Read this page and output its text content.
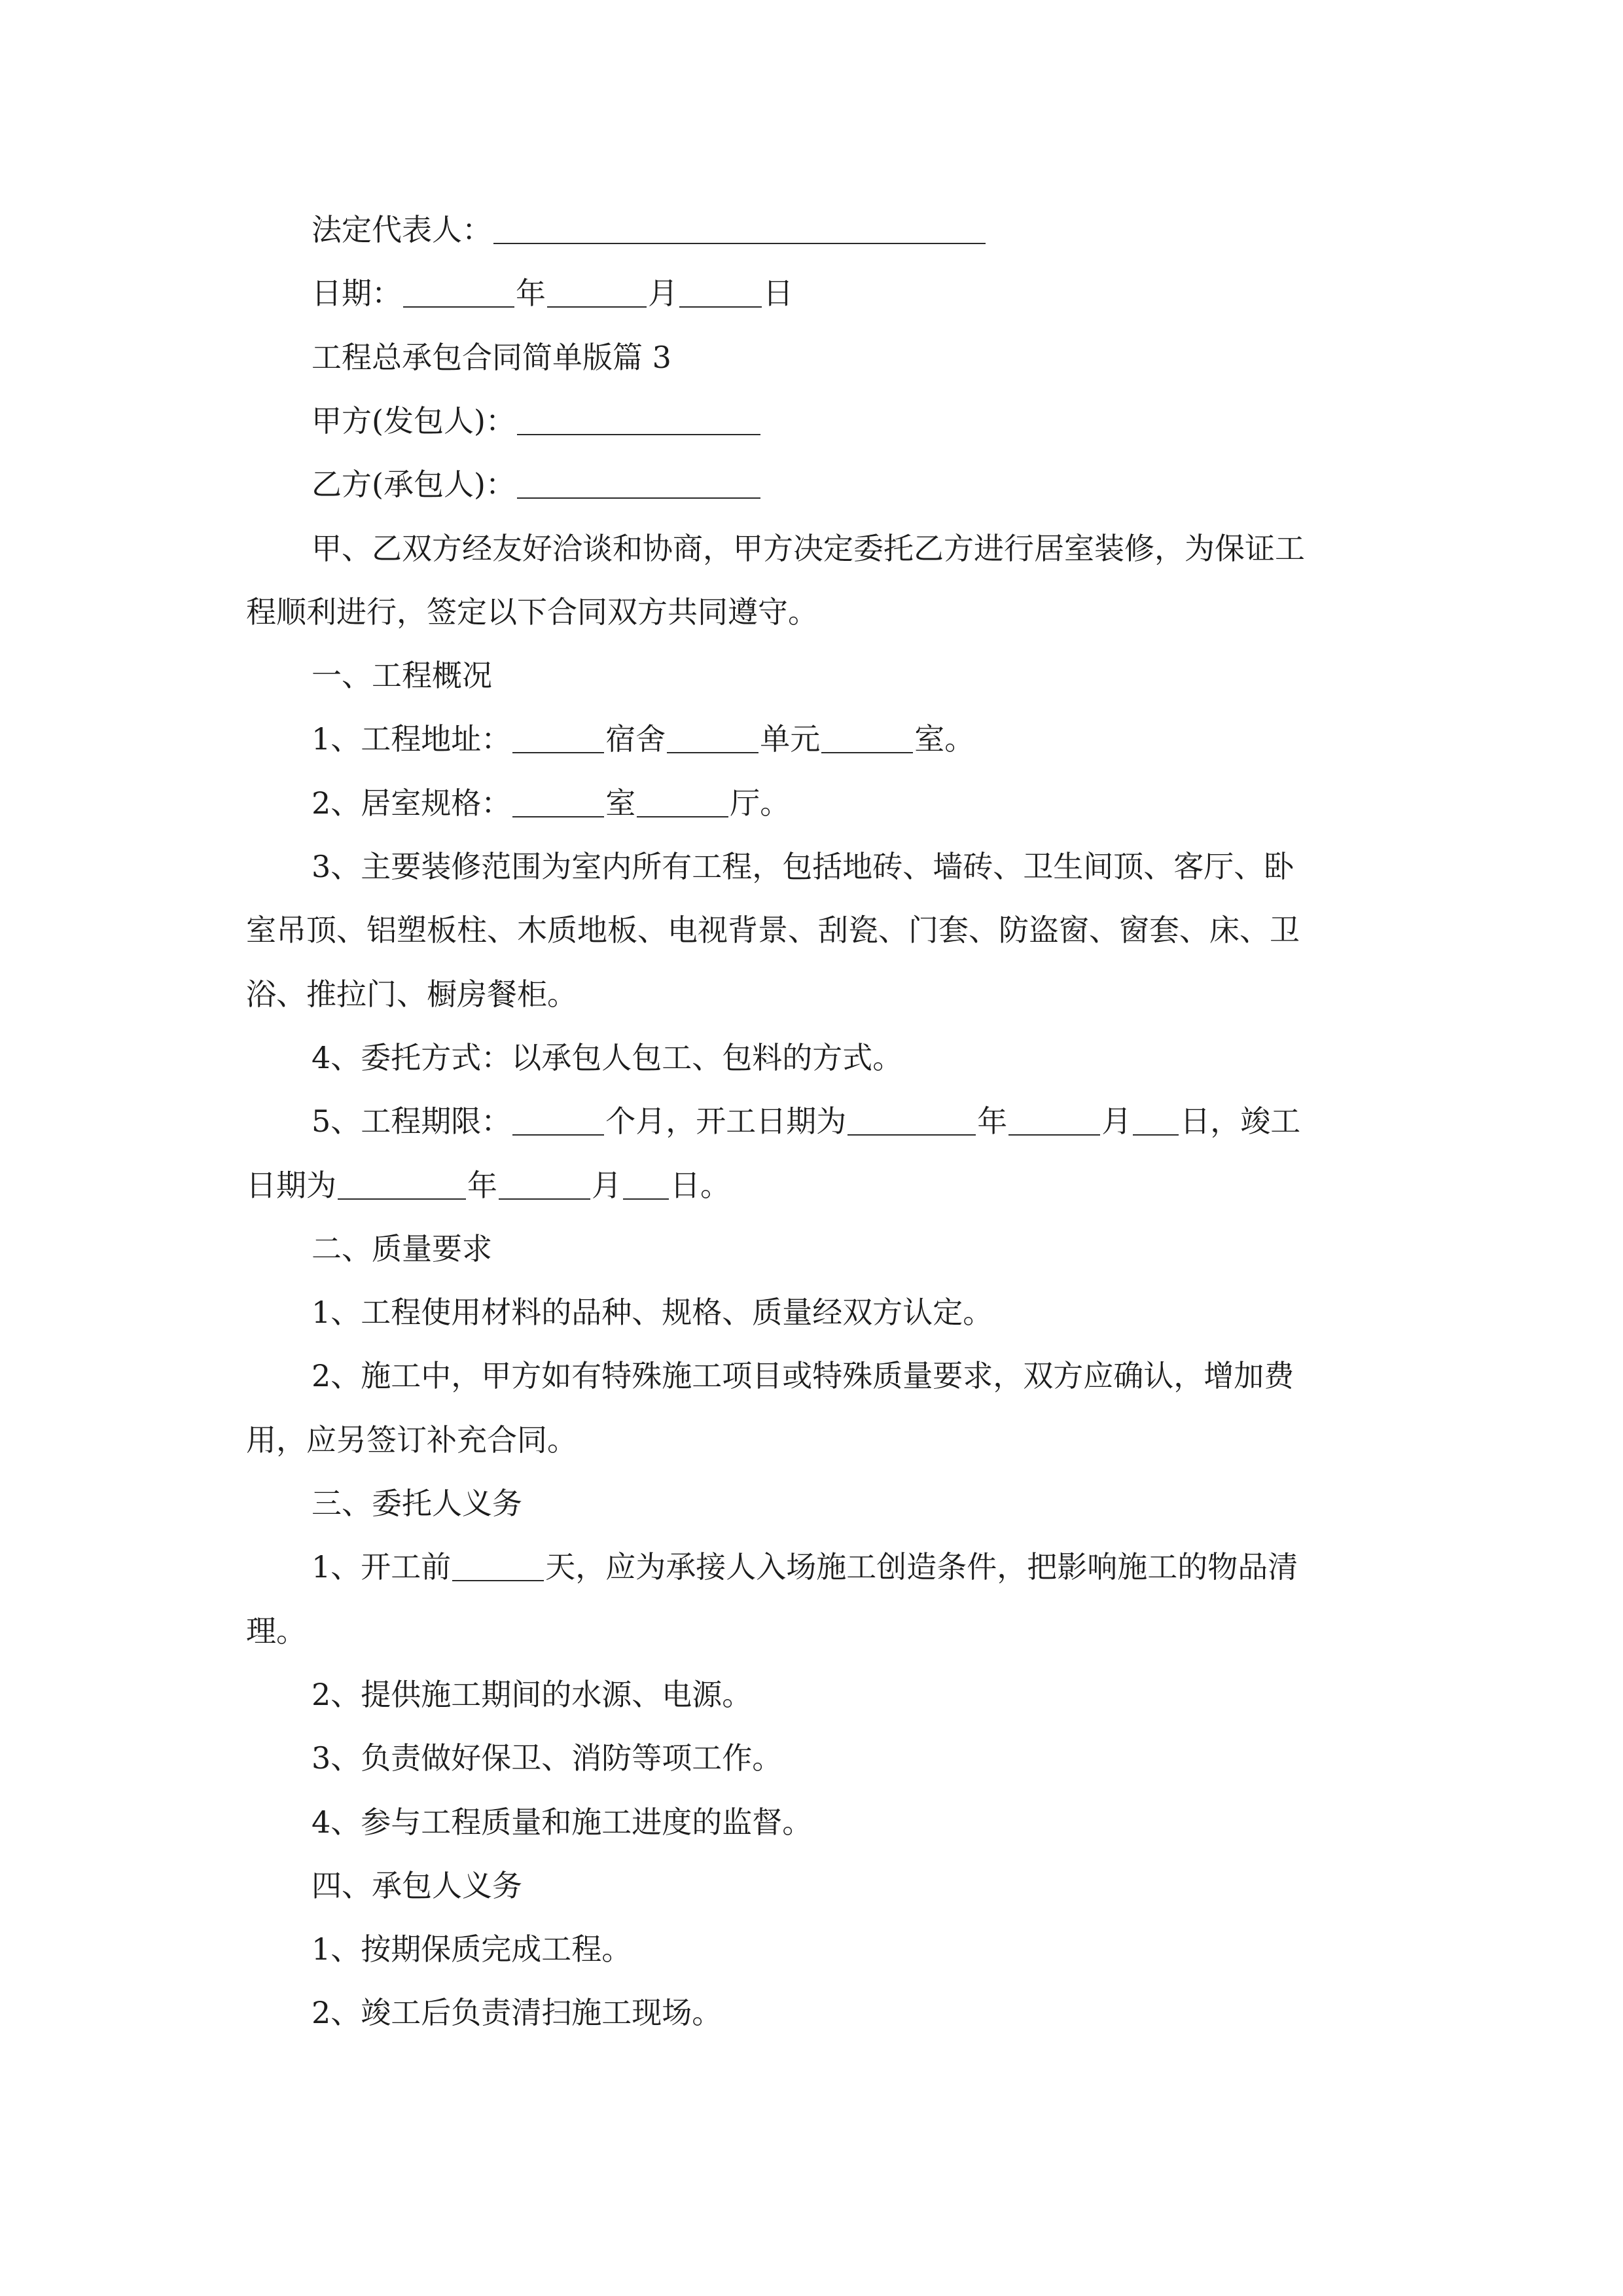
法定代表人：
日期：	年	月	日
工程总承包合同简单版篇 3
甲方(发包人)：
乙方(承包人)：
甲、乙双方经友好洽谈和协商，甲方决定委托乙方进行居室装修，为保证工
程顺利进行，签定以下合同双方共同遵守。
一、工程概况
1、工程地址：	宿舍	单元	室。
2、居室规格：	室	厅。
3、主要装修范围为室内所有工程，包括地砖、墙砖、卫生间顶、客厅、卧
室吊顶、铝塑板柱、木质地板、电视背景、刮瓷、门套、防盗窗、窗套、床、卫
浴、推拉门、橱房餐柜。
4、委托方式：以承包人包工、包料的方式。
5、工程期限：	个月，开工日期为	年	月 日，竣工
日期为	年	月 日。
二、质量要求
1、工程使用材料的品种、规格、质量经双方认定。
2、施工中，甲方如有特殊施工项目或特殊质量要求，双方应确认，增加费
用，应另签订补充合同。
三、委托人义务
1、开工前	天，应为承接人入场施工创造条件，把影响施工的物品清
理。
2、提供施工期间的水源、电源。
3、负责做好保卫、消防等项工作。
4、参与工程质量和施工进度的监督。
四、承包人义务
1、按期保质完成工程。
2、竣工后负责清扫施工现场。
